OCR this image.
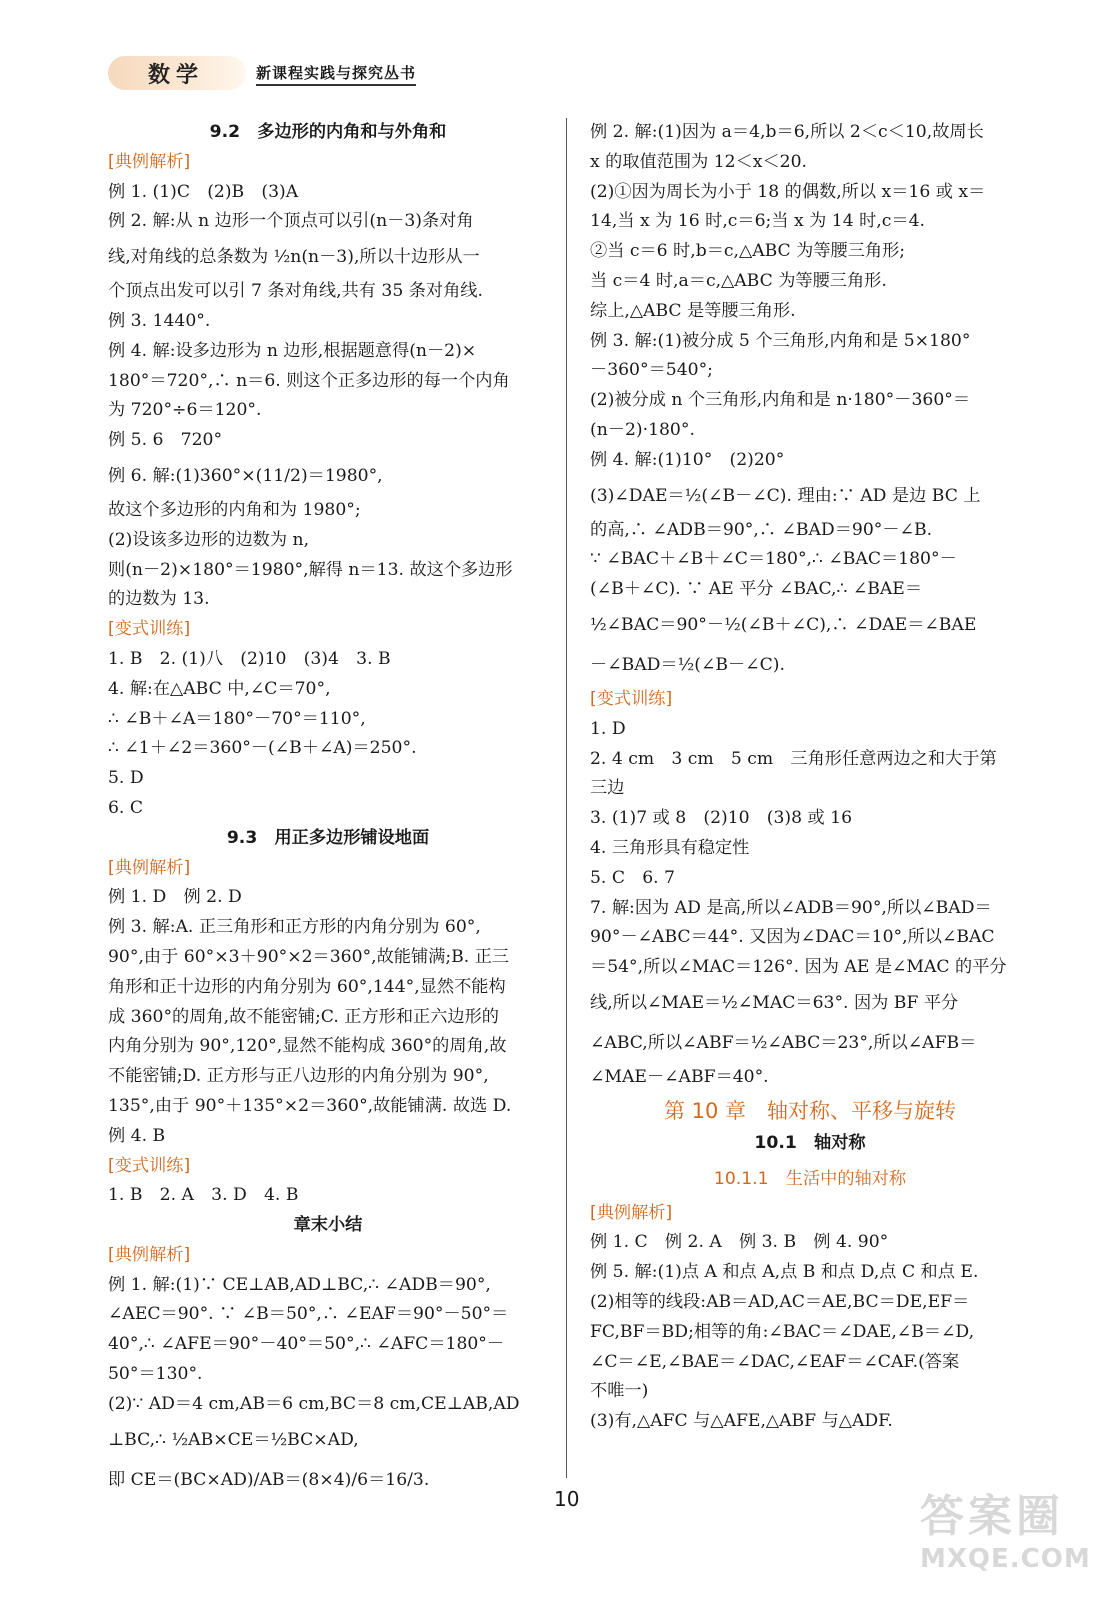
数学	新课程实践与探究丛书
9.2　多边形的内角和与外角和
[典例解析]
例 1. (1)C　(2)B　(3)A
例 2. 解:从 n 边形一个顶点可以引(n－3)条对角
线,对角线的总条数为 ½n(n－3),所以十边形从一
个顶点出发可以引 7 条对角线,共有 35 条对角线.
例 3. 1440°.
例 4. 解:设多边形为 n 边形,根据题意得(n－2)×
180°＝720°,∴ n＝6. 则这个正多边形的每一个内角
为 720°÷6＝120°.
例 5. 6　720°
例 6. 解:(1)360°×(11/2)＝1980°,
故这个多边形的内角和为 1980°;
(2)设该多边形的边数为 n,
则(n－2)×180°＝1980°,解得 n＝13. 故这个多边形
的边数为 13.
[变式训练]
1. B　2. (1)八　(2)10　(3)4　3. B
4. 解:在△ABC 中,∠C＝70°,
∴ ∠B＋∠A＝180°－70°＝110°,
∴ ∠1＋∠2＝360°－(∠B＋∠A)＝250°.
5. D
6. C
9.3　用正多边形铺设地面
[典例解析]
例 1. D　例 2. D
例 3. 解:A. 正三角形和正方形的内角分别为 60°,
90°,由于 60°×3＋90°×2＝360°,故能铺满;B. 正三
角形和正十边形的内角分别为 60°,144°,显然不能构
成 360°的周角,故不能密铺;C. 正方形和正六边形的
内角分别为 90°,120°,显然不能构成 360°的周角,故
不能密铺;D. 正方形与正八边形的内角分别为 90°,
135°,由于 90°＋135°×2＝360°,故能铺满. 故选 D.
例 4. B
[变式训练]
1. B　2. A　3. D　4. B
章末小结
[典例解析]
例 1. 解:(1)∵ CE⊥AB,AD⊥BC,∴ ∠ADB＝90°,
∠AEC＝90°. ∵ ∠B＝50°,∴ ∠EAF＝90°－50°＝
40°,∴ ∠AFE＝90°－40°＝50°,∴ ∠AFC＝180°－
50°＝130°.
(2)∵ AD＝4 cm,AB＝6 cm,BC＝8 cm,CE⊥AB,AD
⊥BC,∴ ½AB×CE＝½BC×AD,
即 CE＝(BC×AD)/AB＝(8×4)/6＝16/3.
例 2. 解:(1)因为 a＝4,b＝6,所以 2＜c＜10,故周长
x 的取值范围为 12＜x＜20.
(2)①因为周长为小于 18 的偶数,所以 x＝16 或 x＝
14,当 x 为 16 时,c＝6;当 x 为 14 时,c＝4.
②当 c＝6 时,b＝c,△ABC 为等腰三角形;
当 c＝4 时,a＝c,△ABC 为等腰三角形.
综上,△ABC 是等腰三角形.
例 3. 解:(1)被分成 5 个三角形,内角和是 5×180°
－360°＝540°;
(2)被分成 n 个三角形,内角和是 n·180°－360°＝
(n－2)·180°.
例 4. 解:(1)10°　(2)20°
(3)∠DAE＝½(∠B－∠C). 理由:∵ AD 是边 BC 上
的高,∴ ∠ADB＝90°,∴ ∠BAD＝90°－∠B.
∵ ∠BAC＋∠B＋∠C＝180°,∴ ∠BAC＝180°－
(∠B＋∠C). ∵ AE 平分 ∠BAC,∴ ∠BAE＝
½∠BAC＝90°－½(∠B＋∠C),∴ ∠DAE＝∠BAE
－∠BAD＝½(∠B－∠C).
[变式训练]
1. D
2. 4 cm　3 cm　5 cm　三角形任意两边之和大于第
三边
3. (1)7 或 8　(2)10　(3)8 或 16
4. 三角形具有稳定性
5. C　6. 7
7. 解:因为 AD 是高,所以∠ADB＝90°,所以∠BAD＝
90°－∠ABC＝44°. 又因为∠DAC＝10°,所以∠BAC
＝54°,所以∠MAC＝126°. 因为 AE 是∠MAC 的平分
线,所以∠MAE＝½∠MAC＝63°. 因为 BF 平分
∠ABC,所以∠ABF＝½∠ABC＝23°,所以∠AFB＝
∠MAE－∠ABF＝40°.
第 10 章　轴对称、平移与旋转
10.1　轴对称
10.1.1　生活中的轴对称
[典例解析]
例 1. C　例 2. A　例 3. B　例 4. 90°
例 5. 解:(1)点 A 和点 A,点 B 和点 D,点 C 和点 E.
(2)相等的线段:AB＝AD,AC＝AE,BC＝DE,EF＝
FC,BF＝BD;相等的角:∠BAC＝∠DAE,∠B＝∠D,
∠C＝∠E,∠BAE＝∠DAC,∠EAF＝∠CAF.(答案
不唯一)
(3)有,△AFC 与△AFE,△ABF 与△ADF.
10	答案圈
MXQE.COM
